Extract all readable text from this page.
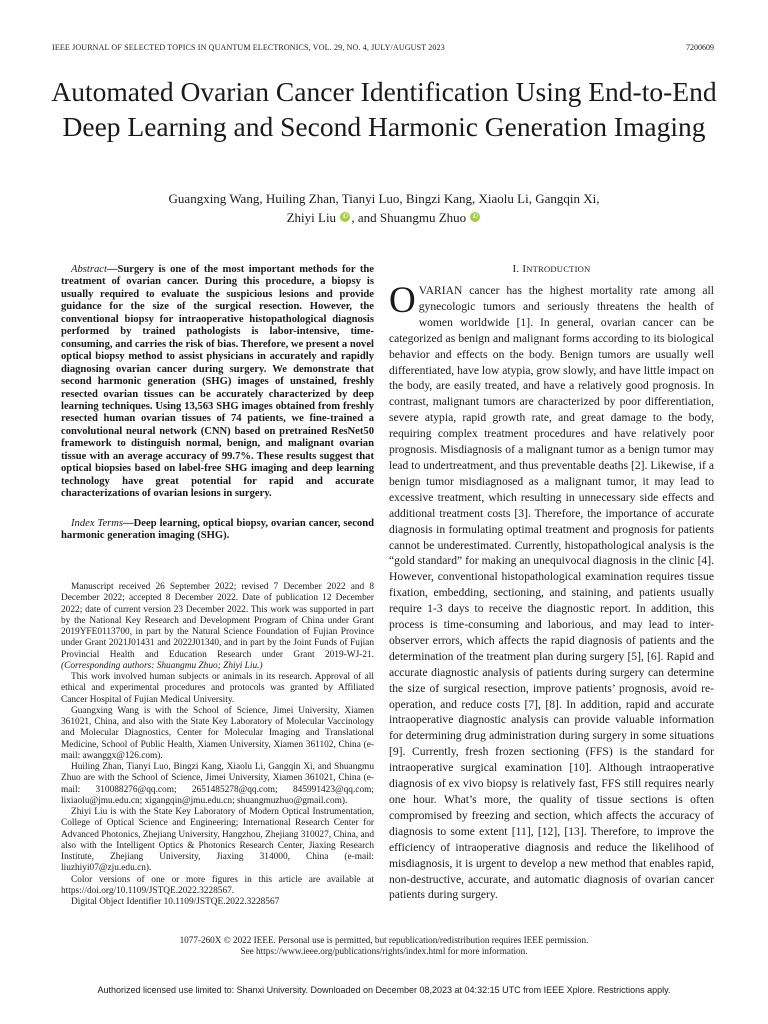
IEEE JOURNAL OF SELECTED TOPICS IN QUANTUM ELECTRONICS, VOL. 29, NO. 4, JULY/AUGUST 2023	7200609
Automated Ovarian Cancer Identification Using End-to-End Deep Learning and Second Harmonic Generation Imaging
Guangxing Wang, Huiling Zhan, Tianyi Luo, Bingzi Kang, Xiaolu Li, Gangqin Xi,
Zhiyi Liu iD , and Shuangmu Zhuo iD
Abstract—Surgery is one of the most important methods for the treatment of ovarian cancer. During this procedure, a biopsy is usually required to evaluate the suspicious lesions and provide guidance for the size of the surgical resection. However, the conventional biopsy for intraoperative histopathological diagnosis performed by trained pathologists is labor-intensive, time-consuming, and carries the risk of bias. Therefore, we present a novel optical biopsy method to assist physicians in accurately and rapidly diagnosing ovarian cancer during surgery. We demonstrate that second harmonic generation (SHG) images of unstained, freshly resected ovarian tissues can be accurately characterized by deep learning techniques. Using 13,563 SHG images obtained from freshly resected human ovarian tissues of 74 patients, we fine-trained a convolutional neural network (CNN) based on pretrained ResNet50 framework to distinguish normal, benign, and malignant ovarian tissue with an average accuracy of 99.7%. These results suggest that optical biopsies based on label-free SHG imaging and deep learning technology have great potential for rapid and accurate characterizations of ovarian lesions in surgery.
Index Terms—Deep learning, optical biopsy, ovarian cancer, second harmonic generation imaging (SHG).

Manuscript received 26 September 2022; revised 7 December 2022 and 8 December 2022; accepted 8 December 2022. Date of publication 12 December 2022; date of current version 23 December 2022. This work was supported in part by the National Key Research and Development Program of China under Grant 2019YFE0113700, in part by the Natural Science Foundation of Fujian Province under Grant 2021J01431 and 2022J01340, and in part by the Joint Funds of Fujian Provincial Health and Education Research under Grant 2019-WJ-21. (Corresponding authors: Shuangmu Zhuo; Zhiyi Liu.)

This work involved human subjects or animals in its research. Approval of all ethical and experimental procedures and protocols was granted by Affiliated Cancer Hospital of Fujian Medical University.

Guangxing Wang is with the School of Science, Jimei University, Xiamen 361021, China, and also with the State Key Laboratory of Molecular Vaccinology and Molecular Diagnostics, Center for Molecular Imaging and Translational Medicine, School of Public Health, Xiamen University, Xiamen 361102, China (e-mail: awanggx@126.com).

Huiling Zhan, Tianyi Luo, Bingzi Kang, Xiaolu Li, Gangqin Xi, and Shuangmu Zhuo are with the School of Science, Jimei University, Xiamen 361021, China (e-mail: 310088276@qq.com; 2651485278@qq.com; 845991423@qq.com; lixiaolu@jmu.edu.cn; xigangqin@jmu.edu.cn; shuangmuzhuo@gmail.com).

Zhiyi Liu is with the State Key Laboratory of Modern Optical Instrumentation, College of Optical Science and Engineering; International Research Center for Advanced Photonics, Zhejiang University, Hangzhou, Zhejiang 310027, China, and also with the Intelligent Optics & Photonics Research Center, Jiaxing Research Institute, Zhejiang University, Jiaxing 314000, China (e-mail: liuzhiyi07@zju.edu.cn).

Color versions of one or more figures in this article are available at https://doi.org/10.1109/JSTQE.2022.3228567.

Digital Object Identifier 10.1109/JSTQE.2022.3228567

I. INTRODUCTION
OVARIAN cancer has the highest mortality rate among all gynecologic tumors and seriously threatens the health of women worldwide [1]. In general, ovarian cancer can be categorized as benign and malignant forms according to its biological behavior and effects on the body. Benign tumors are usually well differentiated, have low atypia, grow slowly, and have little impact on the body, are easily treated, and have a relatively good prognosis. In contrast, malignant tumors are characterized by poor differentiation, severe atypia, rapid growth rate, and great damage to the body, requiring complex treatment procedures and have relatively poor prognosis. Misdiagnosis of a malignant tumor as a benign tumor may lead to undertreatment, and thus preventable deaths [2]. Likewise, if a benign tumor misdiagnosed as a malignant tumor, it may lead to excessive treatment, which resulting in unnecessary side effects and additional treatment costs [3]. Therefore, the importance of accurate diagnosis in formulating optimal treatment and prognosis for patients cannot be underestimated. Currently, histopathological analysis is the “gold standard” for making an unequivocal diagnosis in the clinic [4]. However, conventional histopathological examination requires tissue fixation, embedding, sectioning, and staining, and patients usually require 1-3 days to receive the diagnostic report. In addition, this process is time-consuming and laborious, and may lead to inter-observer errors, which affects the rapid diagnosis of patients and the determination of the treatment plan during surgery [5], [6]. Rapid and accurate diagnostic analysis of patients during surgery can determine the size of surgical resection, improve patients’ prognosis, avoid re-operation, and reduce costs [7], [8]. In addition, rapid and accurate intraoperative diagnostic analysis can provide valuable information for determining drug administration during surgery in some situations [9]. Currently, fresh frozen sectioning (FFS) is the standard for intraoperative surgical examination [10]. Although intraoperative diagnosis of ex vivo biopsy is relatively fast, FFS still requires nearly one hour. What’s more, the quality of tissue sections is often compromised by freezing and section, which affects the accuracy of diagnosis to some extent [11], [12], [13]. Therefore, to improve the efficiency of intraoperative diagnosis and reduce the likelihood of misdiagnosis, it is urgent to develop a new method that enables rapid, non-destructive, accurate, and automatic diagnosis of ovarian cancer patients during surgery.
1077-260X © 2022 IEEE. Personal use is permitted, but republication/redistribution requires IEEE permission.
See https://www.ieee.org/publications/rights/index.html for more information.
Authorized licensed use limited to: Shanxi University. Downloaded on December 08,2023 at 04:32:15 UTC from IEEE Xplore. Restrictions apply.
